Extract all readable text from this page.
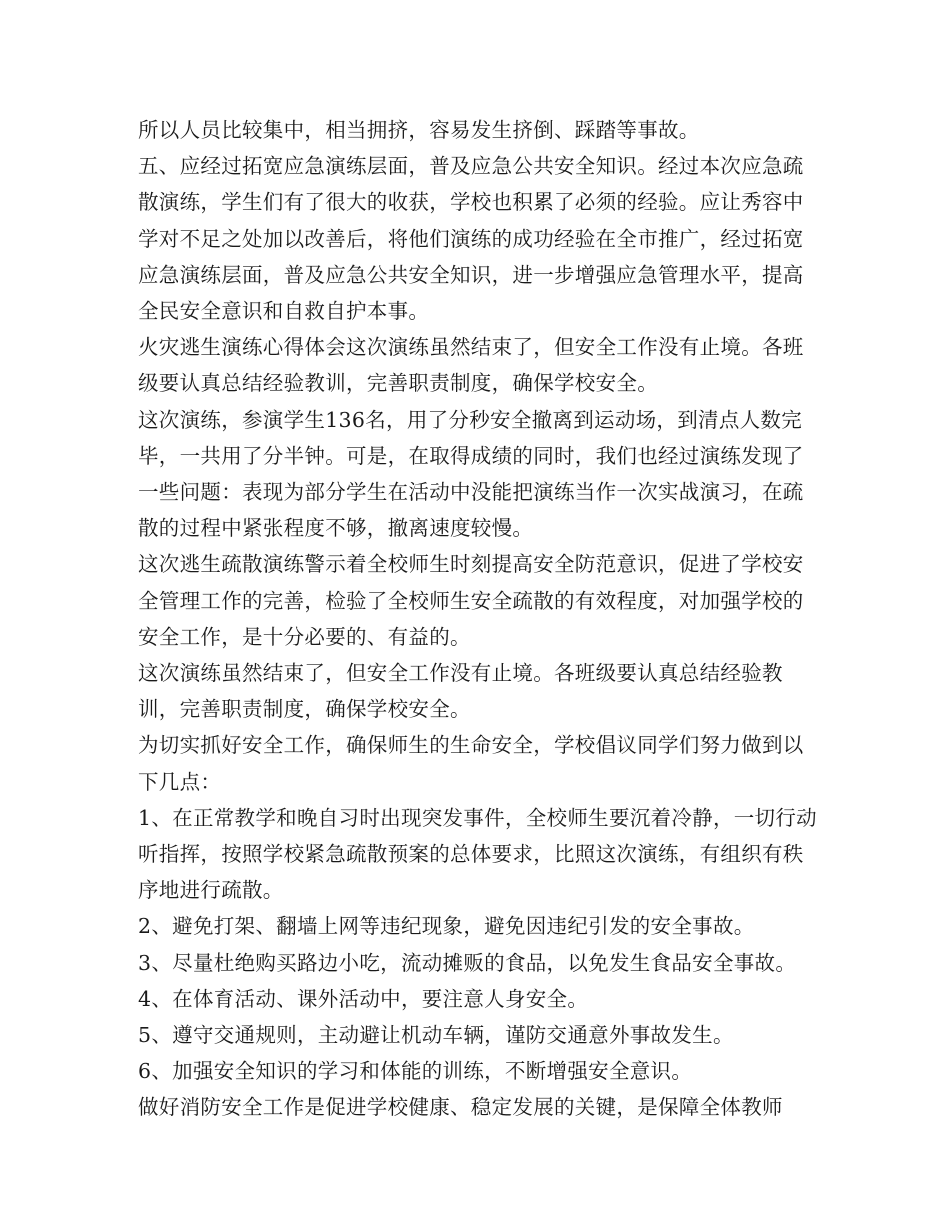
所以人员比较集中，相当拥挤，容易发生挤倒、踩踏等事故。

五、应经过拓宽应急演练层面，普及应急公共安全知识。经过本次应急疏散演练，学生们有了很大的收获，学校也积累了必须的经验。应让秀容中学对不足之处加以改善后，将他们演练的成功经验在全市推广，经过拓宽应急演练层面，普及应急公共安全知识，进一步增强应急管理水平，提高全民安全意识和自救自护本事。

火灾逃生演练心得体会这次演练虽然结束了，但安全工作没有止境。各班级要认真总结经验教训，完善职责制度，确保学校安全。

这次演练，参演学生136名，用了分秒安全撤离到运动场，到清点人数完毕，一共用了分半钟。可是，在取得成绩的同时，我们也经过演练发现了一些问题：表现为部分学生在活动中没能把演练当作一次实战演习，在疏散的过程中紧张程度不够，撤离速度较慢。

这次逃生疏散演练警示着全校师生时刻提高安全防范意识，促进了学校安全管理工作的完善，检验了全校师生安全疏散的有效程度，对加强学校的安全工作，是十分必要的、有益的。

这次演练虽然结束了，但安全工作没有止境。各班级要认真总结经验教训，完善职责制度，确保学校安全。

为切实抓好安全工作，确保师生的生命安全，学校倡议同学们努力做到以下几点：

1、在正常教学和晚自习时出现突发事件，全校师生要沉着冷静，一切行动听指挥，按照学校紧急疏散预案的总体要求，比照这次演练，有组织有秩序地进行疏散。

2、避免打架、翻墙上网等违纪现象，避免因违纪引发的安全事故。

3、尽量杜绝购买路边小吃，流动摊贩的食品，以免发生食品安全事故。

4、在体育活动、课外活动中，要注意人身安全。

5、遵守交通规则，主动避让机动车辆，谨防交通意外事故发生。

6、加强安全知识的学习和体能的训练，不断增强安全意识。

做好消防安全工作是促进学校健康、稳定发展的关键，是保障全体教师
